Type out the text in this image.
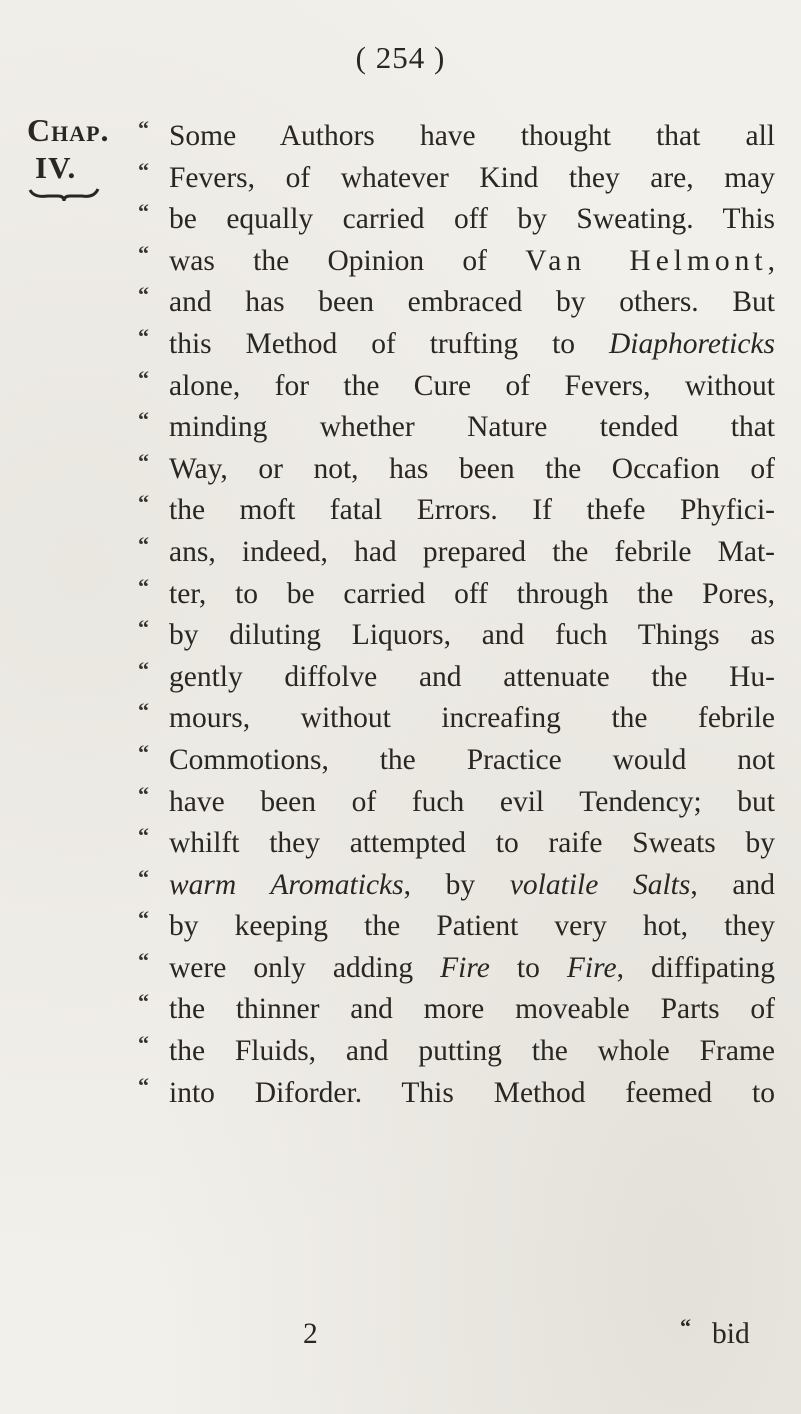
( 254 )
Chap.
IV.
“ Some Authors have thought that all
“ Fevers, of whatever Kind they are, may
“ be equally carried off by Sweating. This
“ was the Opinion of Van Helmont,
“ and has been embraced by others. But
“ this Method of trufting to Diaphoreticks
“ alone, for the Cure of Fevers, without
“ minding whether Nature tended that
“ Way, or not, has been the Occafion of
“ the moft fatal Errors. If thefe Phyfici-
“ ans, indeed, had prepared the febrile Mat-
“ ter, to be carried off through the Pores,
“ by diluting Liquors, and fuch Things as
“ gently diffolve and attenuate the Hu-
“ mours, without increafing the febrile
“ Commotions, the Practice would not
“ have been of fuch evil Tendency; but
“ whilft they attempted to raife Sweats by
“ warm Aromaticks, by volatile Salts, and
“ by keeping the Patient very hot, they
“ were only adding Fire to Fire, diffipating
“ the thinner and more moveable Parts of
“ the Fluids, and putting the whole Frame
“ into Diforder. This Method feemed to
2	“ bid
